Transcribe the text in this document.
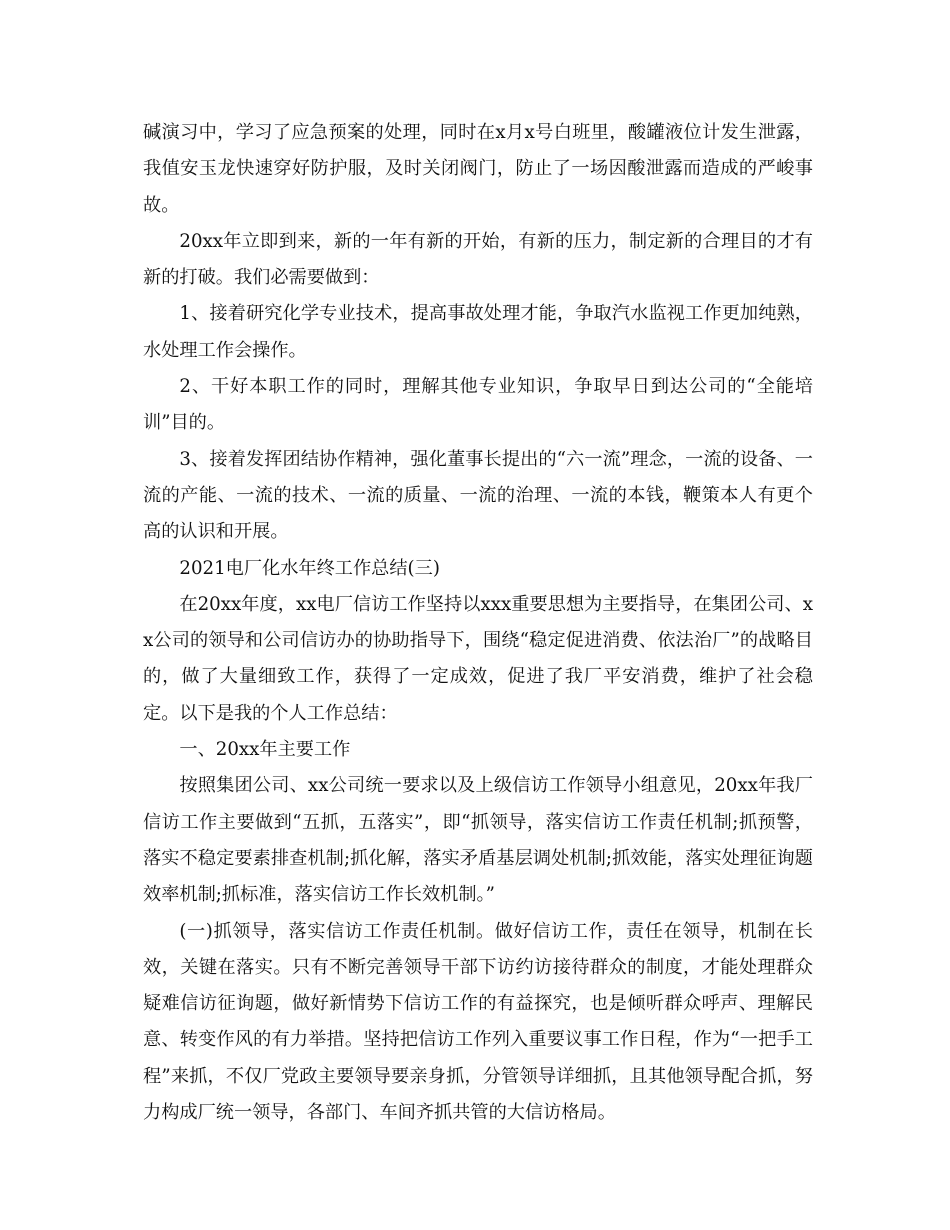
碱演习中，学习了应急预案的处理，同时在x月x号白班里，酸罐液位计发生泄露，我值安玉龙快速穿好防护服，及时关闭阀门，防止了一场因酸泄露而造成的严峻事故。

20xx年立即到来，新的一年有新的开始，有新的压力，制定新的合理目的才有新的打破。我们必需要做到：

1、接着研究化学专业技术，提高事故处理才能，争取汽水监视工作更加纯熟，水处理工作会操作。

2、干好本职工作的同时，理解其他专业知识，争取早日到达公司的“全能培训”目的。

3、接着发挥团结协作精神，强化董事长提出的“六一流”理念，一流的设备、一流的产能、一流的技术、一流的质量、一流的治理、一流的本钱，鞭策本人有更个高的认识和开展。

2021电厂化水年终工作总结(三)

在20xx年度，xx电厂信访工作坚持以xxx重要思想为主要指导，在集团公司、xx公司的领导和公司信访办的协助指导下，围绕“稳定促进消费、依法治厂”的战略目的，做了大量细致工作，获得了一定成效，促进了我厂平安消费，维护了社会稳定。以下是我的个人工作总结：

一、20xx年主要工作

按照集团公司、xx公司统一要求以及上级信访工作领导小组意见，20xx年我厂信访工作主要做到“五抓，五落实”，即“抓领导，落实信访工作责任机制;抓预警，落实不稳定要素排查机制;抓化解，落实矛盾基层调处机制;抓效能，落实处理征询题效率机制;抓标准，落实信访工作长效机制。”

(一)抓领导，落实信访工作责任机制。做好信访工作，责任在领导，机制在长效，关键在落实。只有不断完善领导干部下访约访接待群众的制度，才能处理群众疑难信访征询题，做好新情势下信访工作的有益探究，也是倾听群众呼声、理解民意、转变作风的有力举措。坚持把信访工作列入重要议事工作日程，作为“一把手工程”来抓，不仅厂党政主要领导要亲身抓，分管领导详细抓，且其他领导配合抓，努力构成厂统一领导，各部门、车间齐抓共管的大信访格局。
